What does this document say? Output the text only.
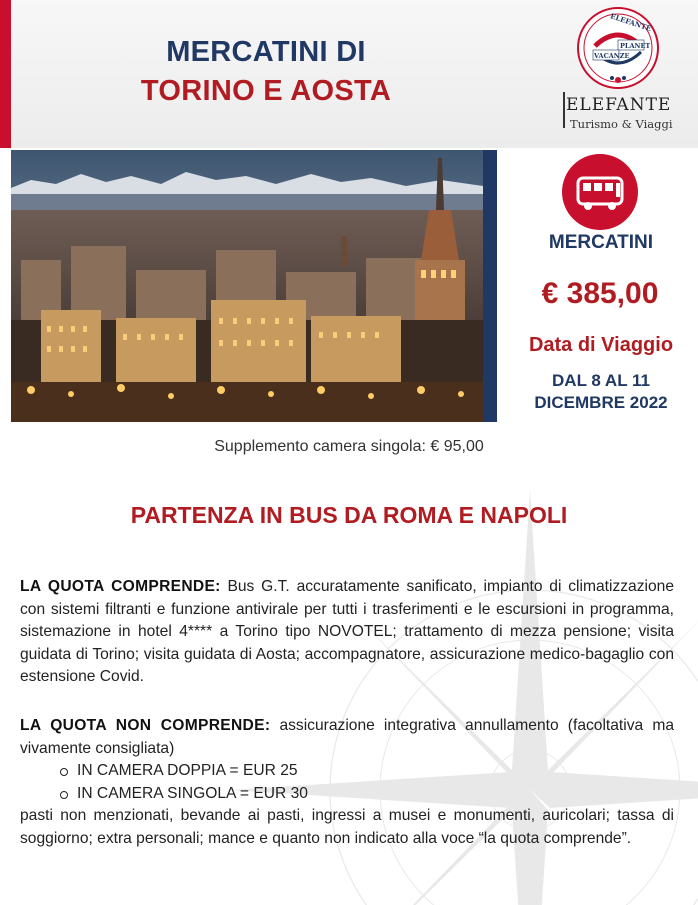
MERCATINI DI
TORINO E AOSTA
ELEFANTE
PLANET
VACANZE
ELEFANTE
Turismo & Viaggi
MERCATINI
€ 385,00
Data di Viaggio
DAL 8 AL 11
DICEMBRE 2022
Supplemento camera singola: € 95,00
PARTENZA IN BUS DA ROMA E NAPOLI
LA QUOTA COMPRENDE: Bus G.T. accuratamente sanificato, impianto di climatizzazione con sistemi filtranti e funzione antivirale per tutti i trasferimenti e le escursioni in programma, sistemazione in hotel 4**** a Torino tipo NOVOTEL; trattamento di mezza pensione; visita guidata di Torino; visita guidata di Aosta; accompagnatore, assicurazione medico-bagaglio con estensione Covid.
LA QUOTA NON COMPRENDE: assicurazione integrativa annullamento (facoltativa ma vivamente consigliata)
IN CAMERA DOPPIA = EUR 25
IN CAMERA SINGOLA = EUR 30
pasti non menzionati, bevande ai pasti, ingressi a musei e monumenti, auricolari; tassa di soggiorno; extra personali; mance e quanto non indicato alla voce “la quota comprende”.
